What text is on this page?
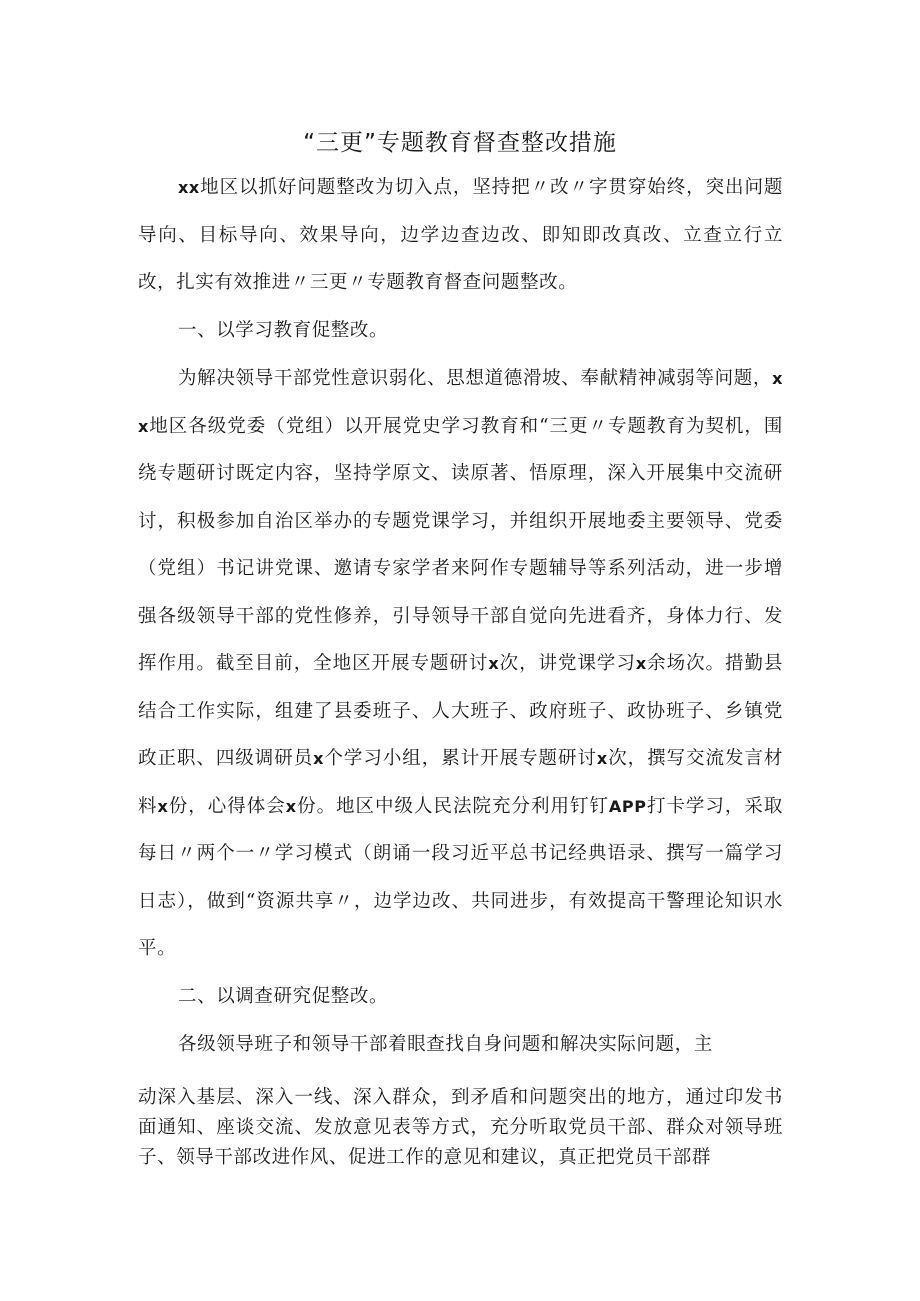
“三更”专题教育督查整改措施
xx地区以抓好问题整改为切入点，坚持把〃改〃字贯穿始终，突出问题导向、目标导向、效果导向，边学边查边改、即知即改真改、立查立行立改，扎实有效推进〃三更〃专题教育督查问题整改。
一、以学习教育促整改。
为解决领导干部党性意识弱化、思想道德滑坡、奉献精神减弱等问题，xx地区各级党委（党组）以开展党史学习教育和“三更〃专题教育为契机，围绕专题研讨既定内容，坚持学原文、读原著、悟原理，深入开展集中交流研讨，积极参加自治区举办的专题党课学习，并组织开展地委主要领导、党委（党组）书记讲党课、邀请专家学者来阿作专题辅导等系列活动，进一步增强各级领导干部的党性修养，引导领导干部自觉向先进看齐，身体力行、发挥作用。截至目前，全地区开展专题研讨x次，讲党课学习x余场次。措勤县结合工作实际，组建了县委班子、人大班子、政府班子、政协班子、乡镇党政正职、四级调研员x个学习小组，累计开展专题研讨x次，撰写交流发言材料x份，心得体会x份。地区中级人民法院充分利用钉钉APP打卡学习，采取每日〃两个一〃学习模式（朗诵一段习近平总书记经典语录、撰写一篇学习日志），做到“资源共享〃，边学边改、共同进步，有效提高干警理论知识水平。
二、以调查研究促整改。
各级领导班子和领导干部着眼查找自身问题和解决实际问题，主
动深入基层、深入一线、深入群众，到矛盾和问题突出的地方，通过印发书面通知、座谈交流、发放意见表等方式，充分听取党员干部、群众对领导班子、领导干部改进作风、促进工作的意见和建议，真正把党员干部群
